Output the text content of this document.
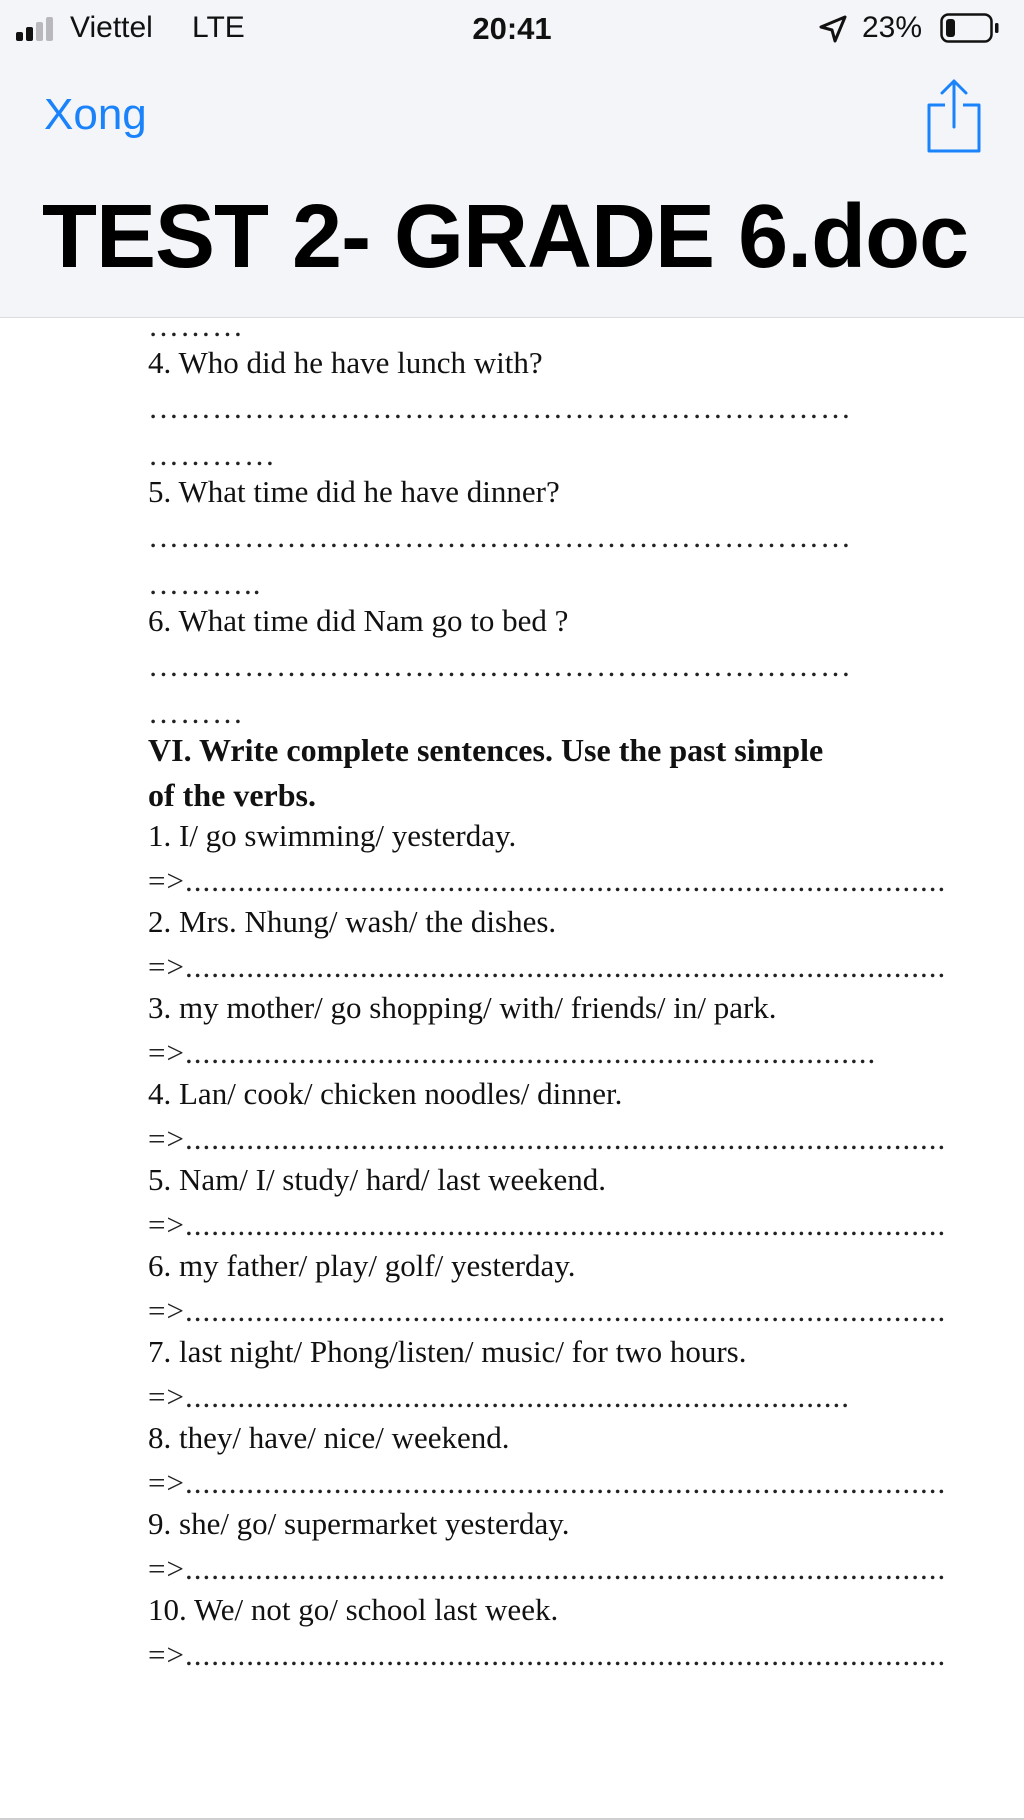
Viettel LTE	20:41	23%
Xong
TEST 2- GRADE 6.doc

………

4. Who did he have lunch with?

…………………………………………………………

…………

5. What time did he have dinner?

…………………………………………………………

………..

6. What time did Nam go to bed ?

…………………………………………………………

………

VI. Write complete sentences. Use the past simple

of the verbs.

1. I/ go swimming/ yesterday.

=>.......................................................................................

2. Mrs. Nhung/ wash/ the dishes.

=>.......................................................................................

3. my mother/ go shopping/ with/ friends/ in/ park.

=>...............................................................................

4. Lan/ cook/ chicken noodles/ dinner.

=>.......................................................................................

5. Nam/ I/ study/ hard/ last weekend.

=>.......................................................................................

6. my father/ play/ golf/ yesterday.

=>.......................................................................................

7. last night/ Phong/listen/ music/ for two hours.

=>............................................................................

8. they/ have/ nice/ weekend.

=>.......................................................................................

9. she/ go/ supermarket yesterday.

=>.......................................................................................

10. We/ not go/ school last week.

=>.......................................................................................
